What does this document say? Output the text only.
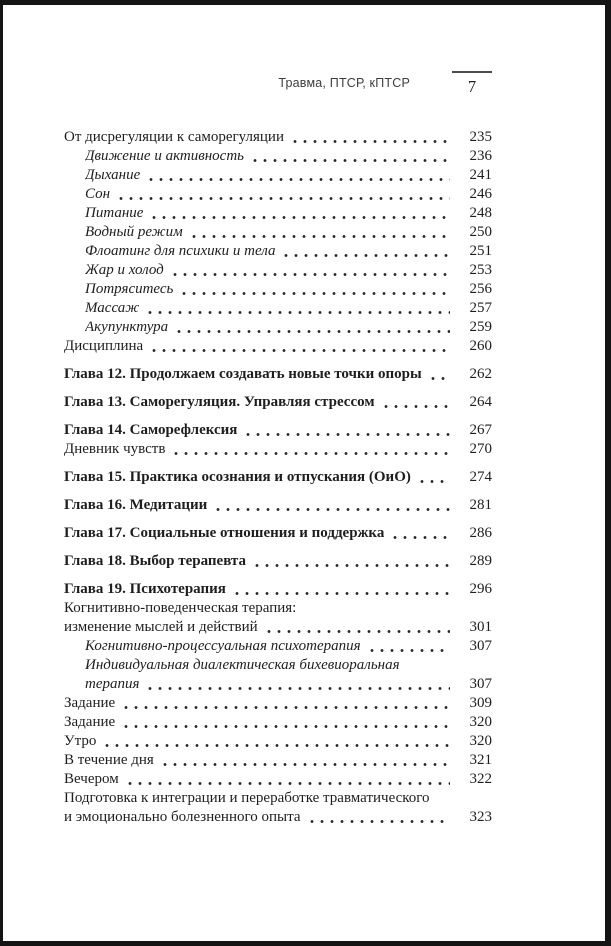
Травма, ПТСР, кПТСР	7
От дисрегуляции к саморегуляции	235
Движение и активность	236
Дыхание	241
Сон	246
Питание	248
Водный режим	250
Флоатинг для психики и тела	251
Жар и холод	253
Потряситесь	256
Массаж	257
Акупунктура	259
Дисциплина	260
Глава 12. Продолжаем создавать новые точки опоры	262
Глава 13. Саморегуляция. Управляя стрессом	264
Глава 14. Саморефлексия	267
Дневник чувств	270
Глава 15. Практика осознания и отпускания (ОиО)	274
Глава 16. Медитации	281
Глава 17. Социальные отношения и поддержка	286
Глава 18. Выбор терапевта	289
Глава 19. Психотерапия	296
Когнитивно-поведенческая терапия:
изменение мыслей и действий	301
Когнитивно-процессуальная психотерапия	307
Индивидуальная диалектическая бихевиоральная
терапия	307
Задание	309
Задание	320
Утро	320
В течение дня	321
Вечером	322
Подготовка к интеграции и переработке травматического
и эмоционально болезненного опыта	323
